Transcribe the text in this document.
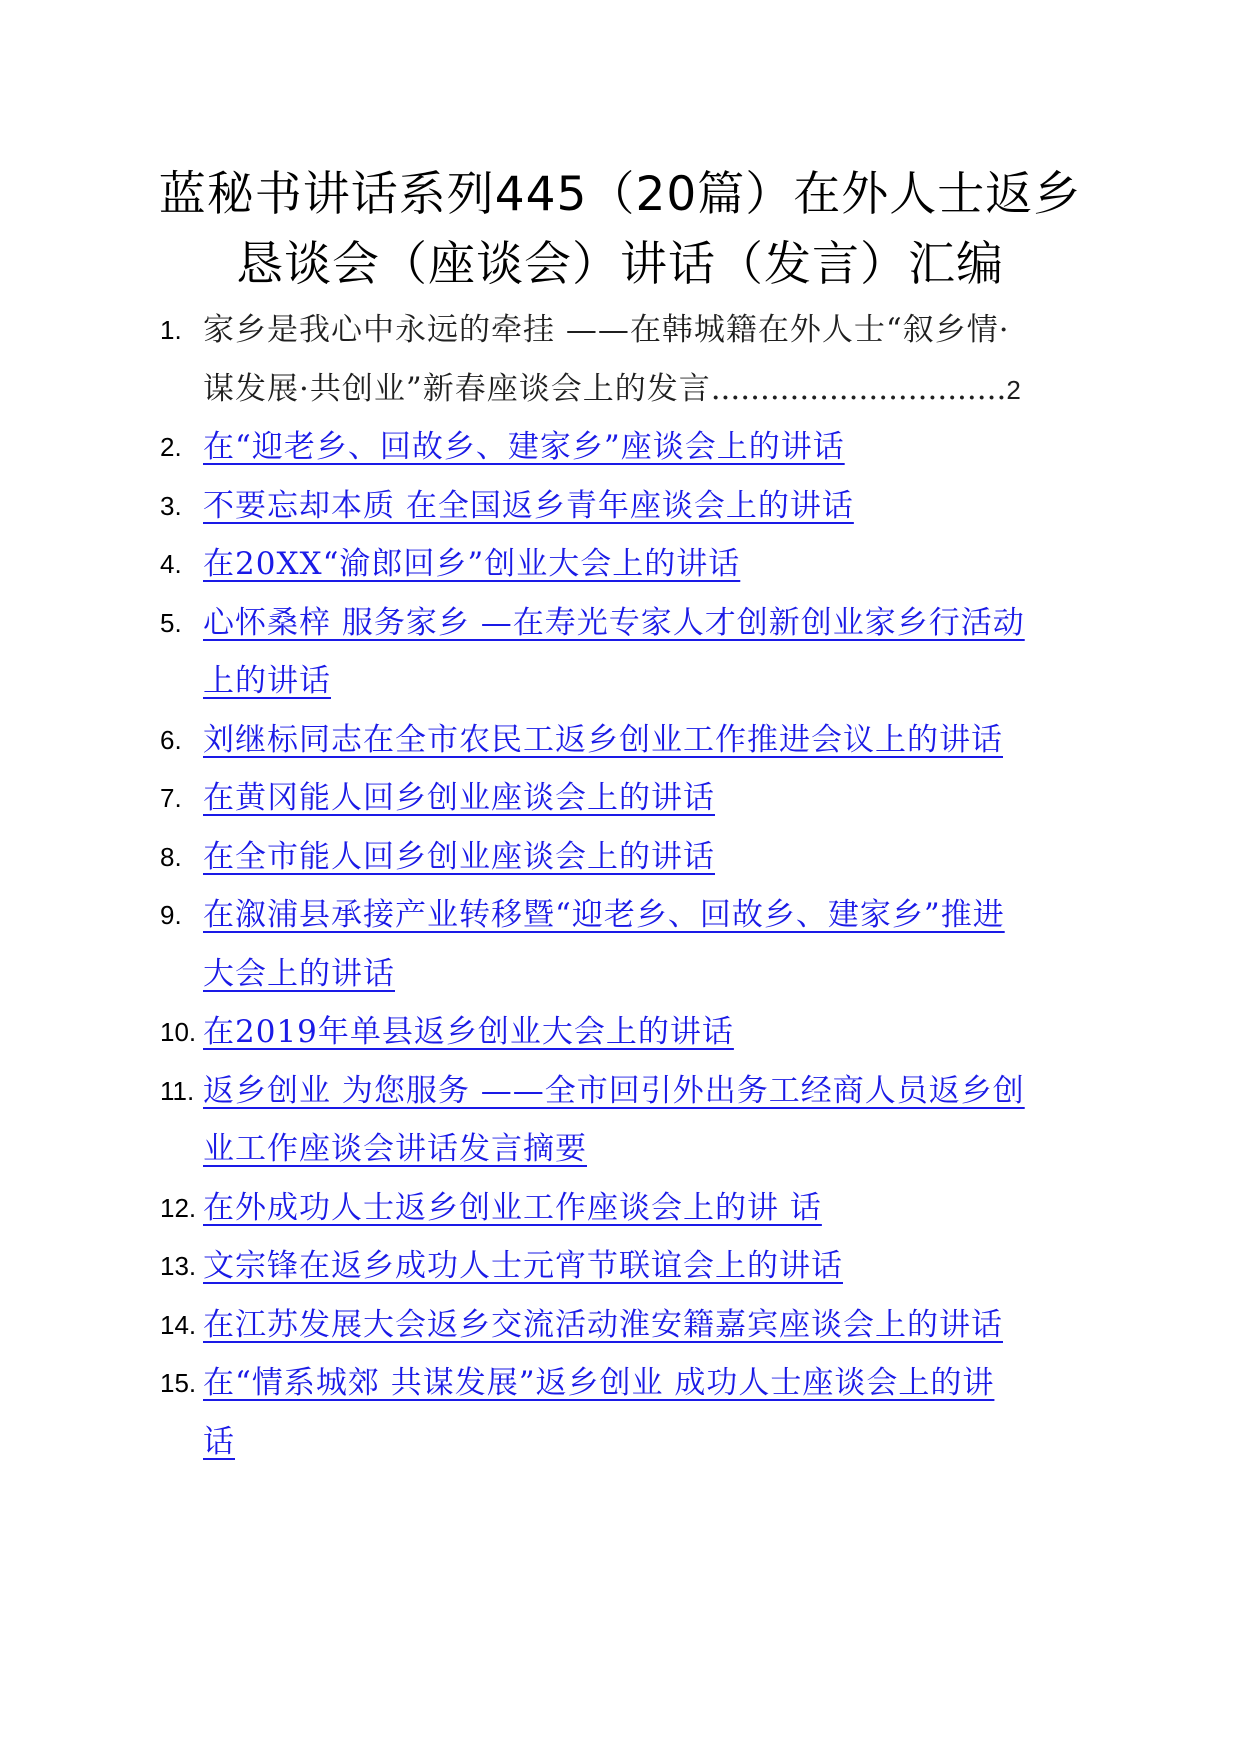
蓝秘书讲话系列445（20篇）在外人士返乡
恳谈会（座谈会）讲话（发言）汇编
1. 家乡是我心中永远的牵挂 ——在韩城籍在外人士“叙乡情·
谋发展·共创业”新春座谈会上的发言..............................2
2. 在“迎老乡、回故乡、建家乡”座谈会上的讲话
3. 不要忘却本质 在全国返乡青年座谈会上的讲话
4. 在20XX“渝郎回乡”创业大会上的讲话
5. 心怀桑梓 服务家乡 —在寿光专家人才创新创业家乡行活动
上的讲话
6. 刘继标同志在全市农民工返乡创业工作推进会议上的讲话
7. 在黄冈能人回乡创业座谈会上的讲话
8. 在全市能人回乡创业座谈会上的讲话
9. 在溆浦县承接产业转移暨“迎老乡、回故乡、建家乡”推进
大会上的讲话
10. 在2019年单县返乡创业大会上的讲话
11. 返乡创业 为您服务 ——全市回引外出务工经商人员返乡创
业工作座谈会讲话发言摘要
12. 在外成功人士返乡创业工作座谈会上的讲 话
13. 文宗锋在返乡成功人士元宵节联谊会上的讲话
14. 在江苏发展大会返乡交流活动淮安籍嘉宾座谈会上的讲话
15. 在“情系城郊 共谋发展”返乡创业 成功人士座谈会上的讲
话
